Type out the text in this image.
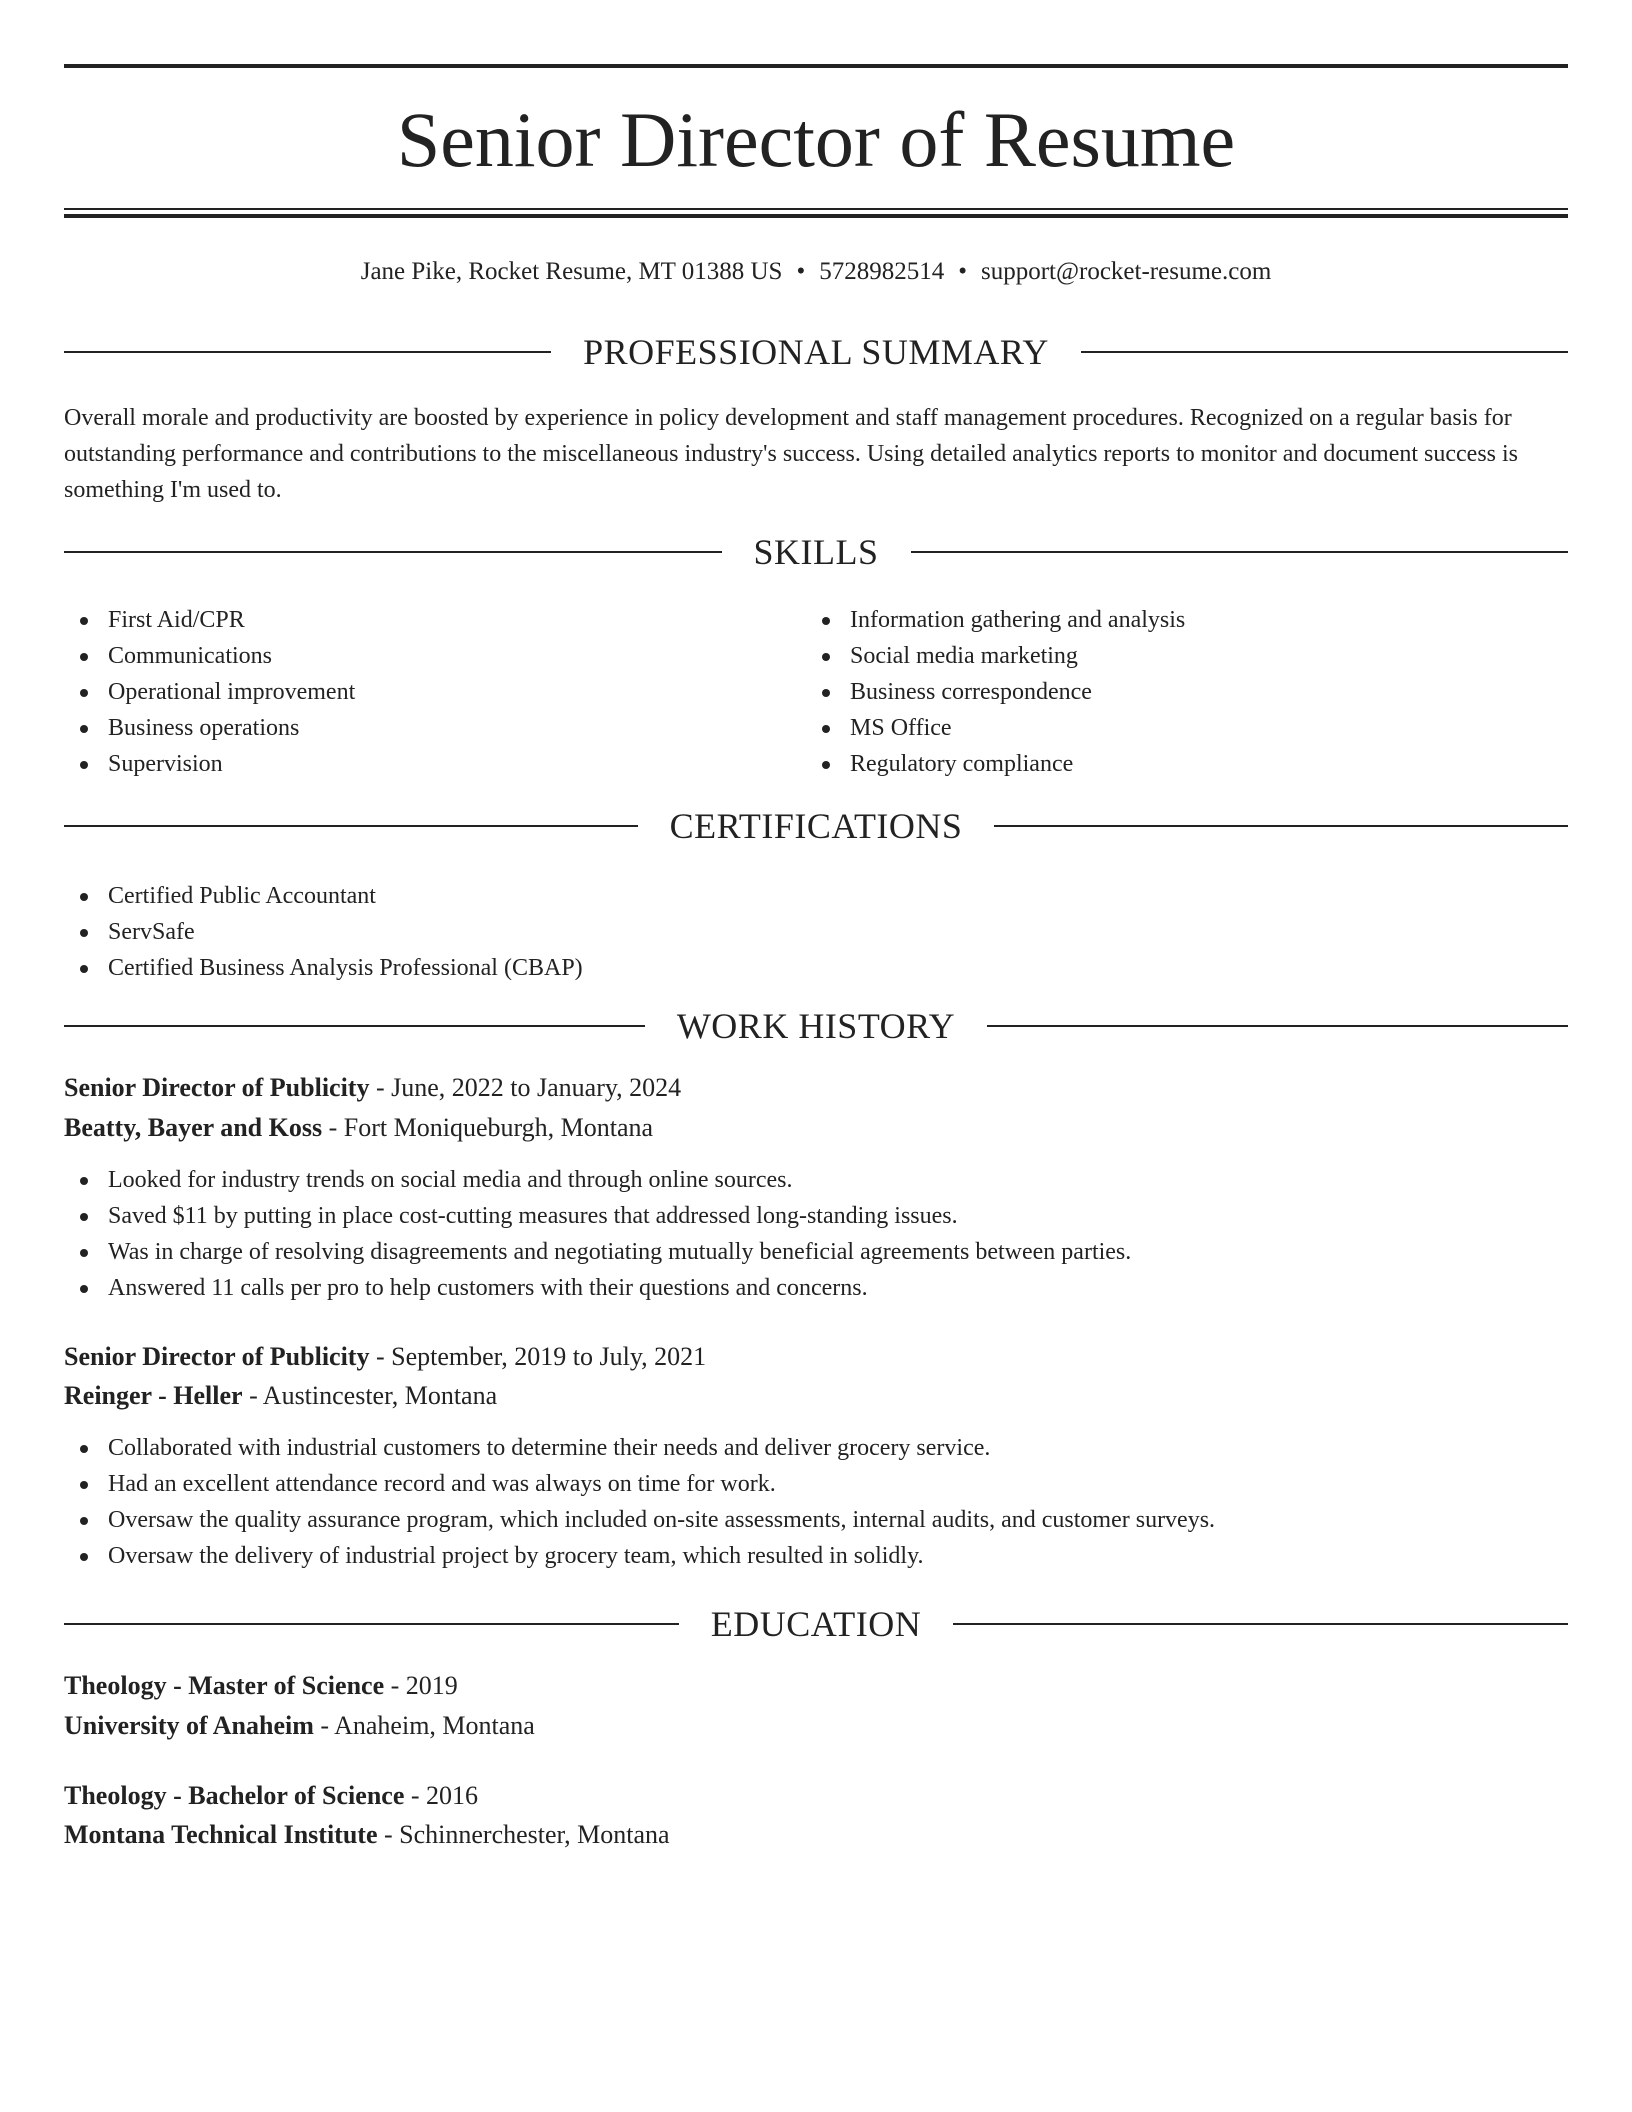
Senior Director of Resume
Jane Pike, Rocket Resume, MT 01388 US • 5728982514 • support@rocket-resume.com
PROFESSIONAL SUMMARY

Overall morale and productivity are boosted by experience in policy development and staff management procedures. Recognized on a regular basis for outstanding performance and contributions to the miscellaneous industry's success. Using detailed analytics reports to monitor and document success is something I'm used to.

SKILLS
First Aid/CPR
Communications
Operational improvement
Business operations
Supervision
Information gathering and analysis
Social media marketing
Business correspondence
MS Office
Regulatory compliance
CERTIFICATIONS
Certified Public Accountant
ServSafe
Certified Business Analysis Professional (CBAP)
WORK HISTORY
Senior Director of Publicity - June, 2022 to January, 2024
Beatty, Bayer and Koss - Fort Moniqueburgh, Montana
Looked for industry trends on social media and through online sources.
Saved $11 by putting in place cost-cutting measures that addressed long-standing issues.
Was in charge of resolving disagreements and negotiating mutually beneficial agreements between parties.
Answered 11 calls per pro to help customers with their questions and concerns.
Senior Director of Publicity - September, 2019 to July, 2021
Reinger - Heller - Austincester, Montana
Collaborated with industrial customers to determine their needs and deliver grocery service.
Had an excellent attendance record and was always on time for work.
Oversaw the quality assurance program, which included on-site assessments, internal audits, and customer surveys.
Oversaw the delivery of industrial project by grocery team, which resulted in solidly.
EDUCATION
Theology - Master of Science - 2019
University of Anaheim - Anaheim, Montana
Theology - Bachelor of Science - 2016
Montana Technical Institute - Schinnerchester, Montana
